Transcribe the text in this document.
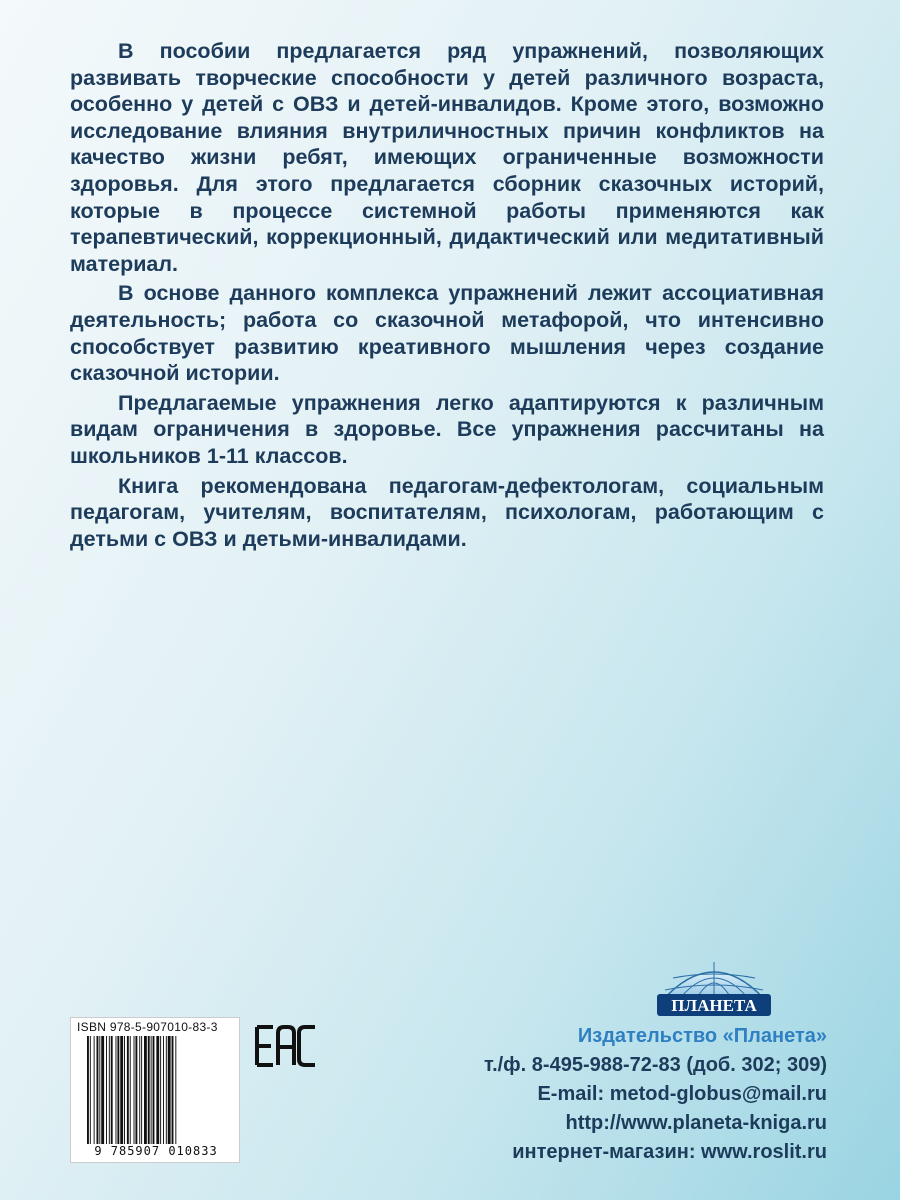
В пособии предлагается ряд упражнений, позволяющих развивать творческие способности у детей различного возраста, особенно у детей с ОВЗ и детей-инвалидов. Кроме этого, возможно исследование влияния внутриличностных причин конфликтов на качество жизни ребят, имеющих ограниченные возможности здоровья. Для этого предлагается сборник сказочных историй, которые в процессе системной работы применяются как терапевтический, коррекционный, дидактический или медитативный материал.

В основе данного комплекса упражнений лежит ассоциативная деятельность; работа со сказочной метафорой, что интенсивно способствует развитию креативного мышления через создание сказочной истории.

Предлагаемые упражнения легко адаптируются к различным видам ограничения в здоровье. Все упражнения рассчитаны на школьников 1-11 классов.

Книга рекомендована педагогам-дефектологам, социальным педагогам, учителям, воспитателям, психологам, работающим с детьми с ОВЗ и детьми-инвалидами.

ПЛАНЕТА
ISBN 978-5-907010-83-3
9 785907 010833
Издательство «Планета»
т./ф. 8-495-988-72-83 (доб. 302; 309)
E-mail: metod-globus@mail.ru
http://www.planeta-kniga.ru
интернет-магазин: www.roslit.ru
